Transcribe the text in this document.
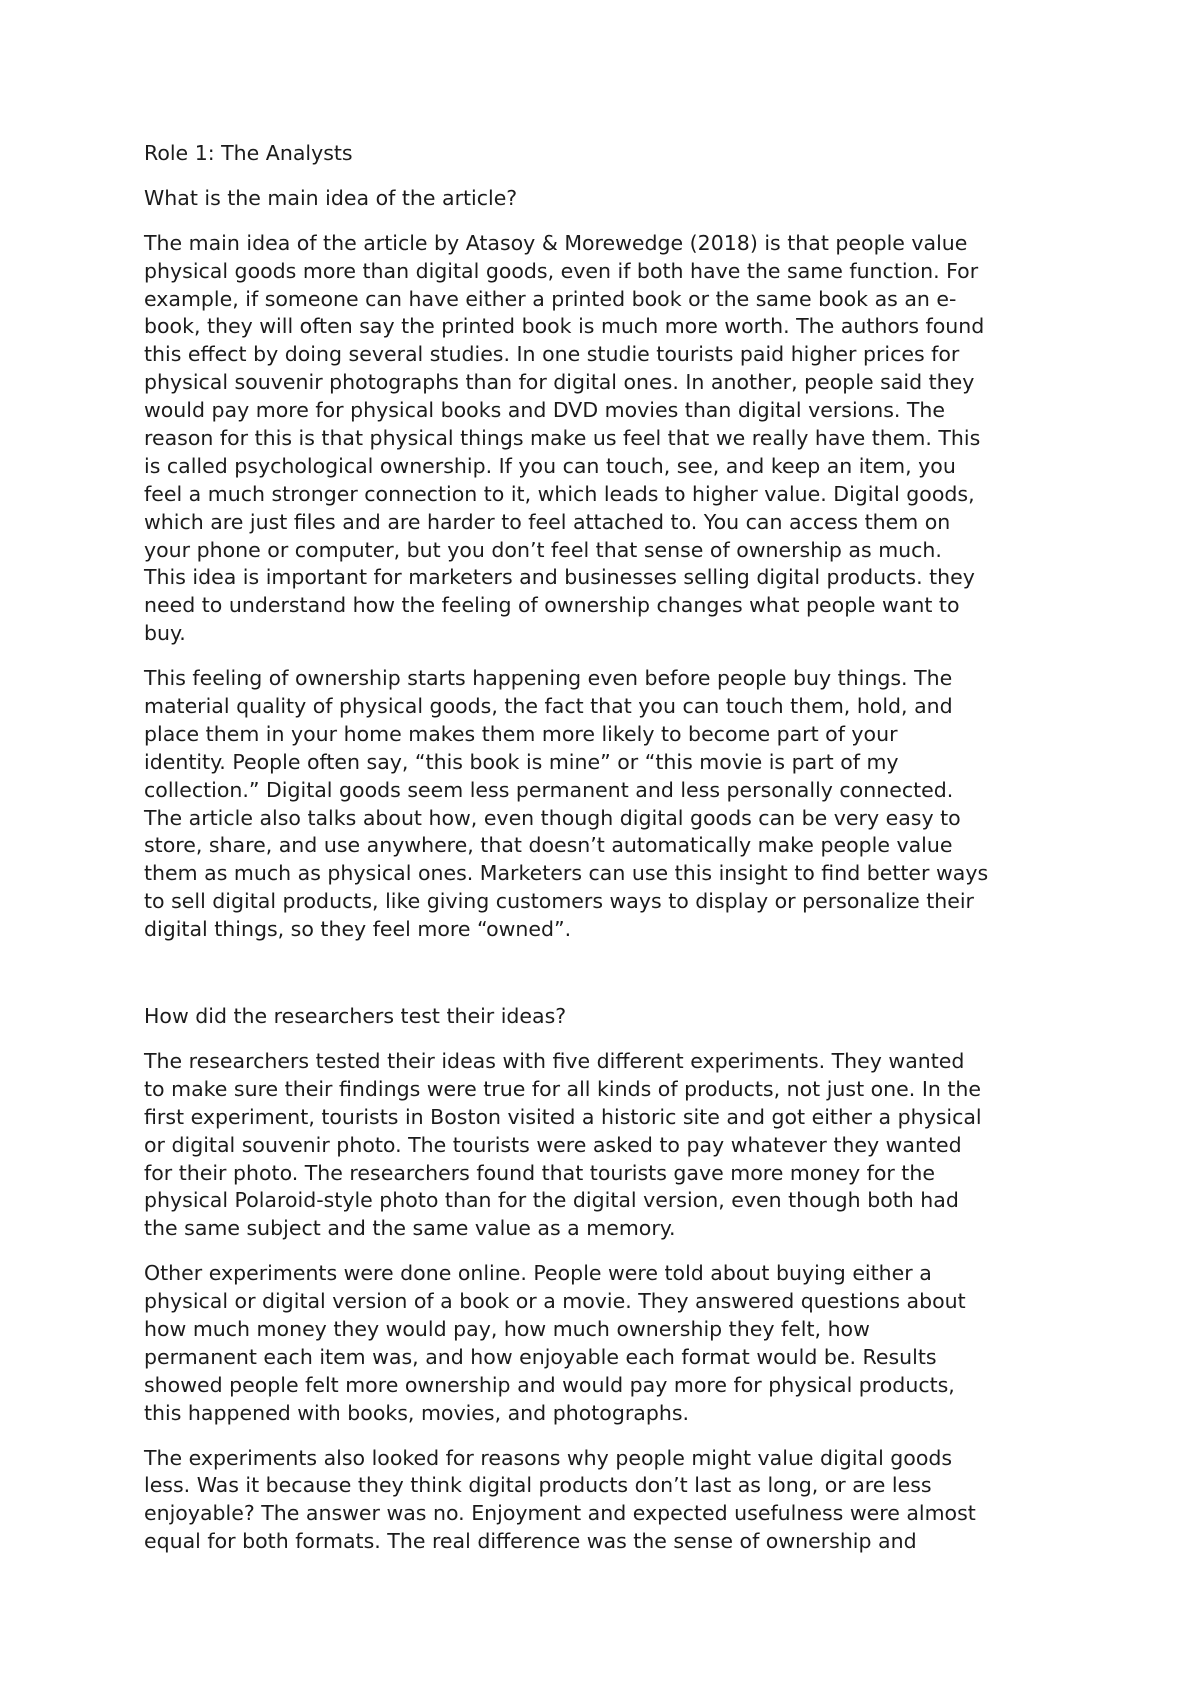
Role 1: The Analysts
What is the main idea of the article?
The main idea of the article by Atasoy & Morewedge (2018) is that people value
physical goods more than digital goods, even if both have the same function. For
example, if someone can have either a printed book or the same book as an e-
book, they will often say the printed book is much more worth. The authors found
this effect by doing several studies. In one studie tourists paid higher prices for
physical souvenir photographs than for digital ones. In another, people said they
would pay more for physical books and DVD movies than digital versions. The
reason for this is that physical things make us feel that we really have them. This
is called psychological ownership. If you can touch, see, and keep an item, you
feel a much stronger connection to it, which leads to higher value. Digital goods,
which are just files and are harder to feel attached to. You can access them on
your phone or computer, but you don’t feel that sense of ownership as much.
This idea is important for marketers and businesses selling digital products. they
need to understand how the feeling of ownership changes what people want to
buy.
This feeling of ownership starts happening even before people buy things. The
material quality of physical goods, the fact that you can touch them, hold, and
place them in your home makes them more likely to become part of your
identity. People often say, “this book is mine” or “this movie is part of my
collection.” Digital goods seem less permanent and less personally connected.
The article also talks about how, even though digital goods can be very easy to
store, share, and use anywhere, that doesn’t automatically make people value
them as much as physical ones. Marketers can use this insight to find better ways
to sell digital products, like giving customers ways to display or personalize their
digital things, so they feel more “owned”.
How did the researchers test their ideas?
The researchers tested their ideas with five different experiments. They wanted
to make sure their findings were true for all kinds of products, not just one. In the
first experiment, tourists in Boston visited a historic site and got either a physical
or digital souvenir photo. The tourists were asked to pay whatever they wanted
for their photo. The researchers found that tourists gave more money for the
physical Polaroid-style photo than for the digital version, even though both had
the same subject and the same value as a memory.
Other experiments were done online. People were told about buying either a
physical or digital version of a book or a movie. They answered questions about
how much money they would pay, how much ownership they felt, how
permanent each item was, and how enjoyable each format would be. Results
showed people felt more ownership and would pay more for physical products,
this happened with books, movies, and photographs.
The experiments also looked for reasons why people might value digital goods
less. Was it because they think digital products don’t last as long, or are less
enjoyable? The answer was no. Enjoyment and expected usefulness were almost
equal for both formats. The real difference was the sense of ownership and
